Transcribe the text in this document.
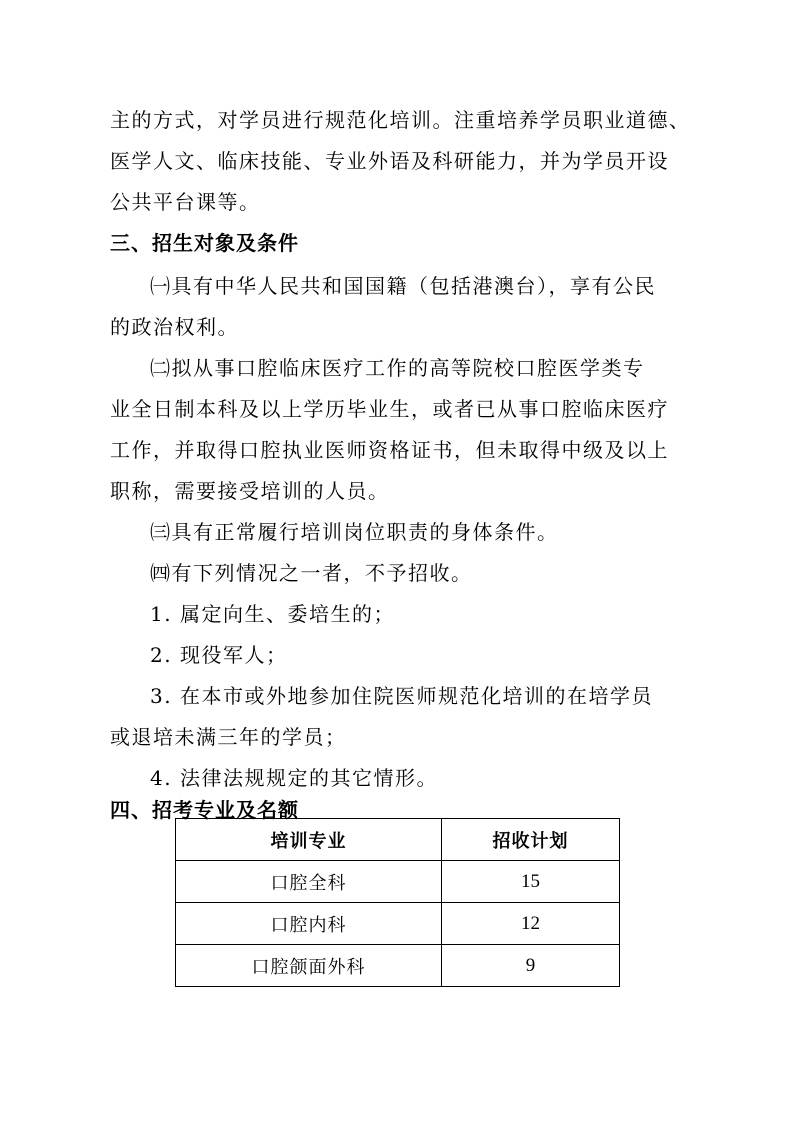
主的方式，对学员进行规范化培训。注重培养学员职业道德、
医学人文、临床技能、专业外语及科研能力，并为学员开设
公共平台课等。
三、招生对象及条件
㈠具有中华人民共和国国籍（包括港澳台），享有公民
的政治权利。
㈡拟从事口腔临床医疗工作的高等院校口腔医学类专
业全日制本科及以上学历毕业生，或者已从事口腔临床医疗
工作，并取得口腔执业医师资格证书，但未取得中级及以上
职称，需要接受培训的人员。
㈢具有正常履行培训岗位职责的身体条件。
㈣有下列情况之一者，不予招收。
1. 属定向生、委培生的；
2. 现役军人；
3. 在本市或外地参加住院医师规范化培训的在培学员
或退培未满三年的学员；
4. 法律法规规定的其它情形。
四、招考专业及名额
培训专业	招收计划
口腔全科	15
口腔内科	12
口腔颌面外科	9
